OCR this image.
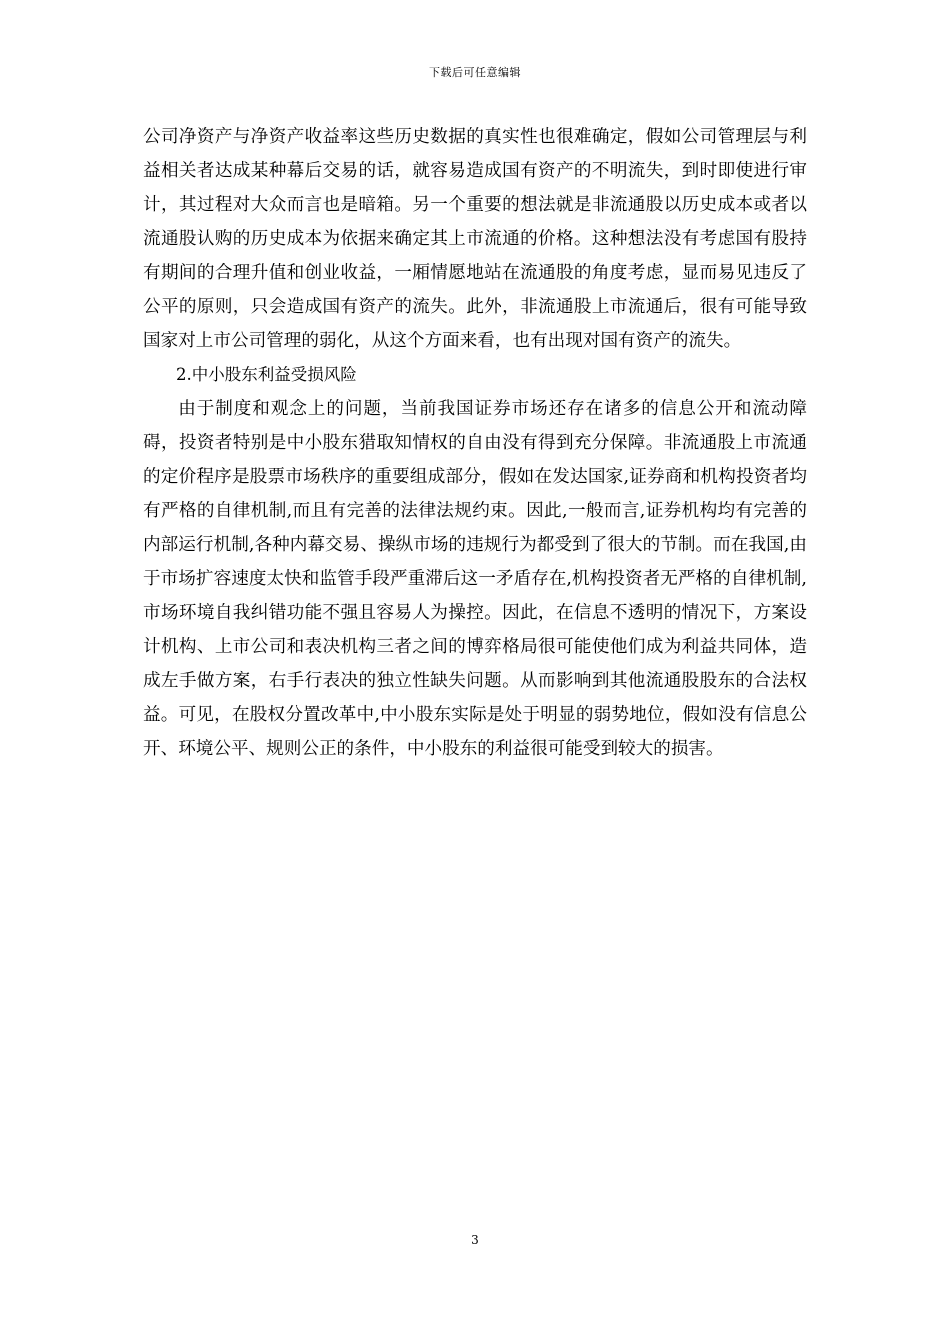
下载后可任意编辑

公司净资产与净资产收益率这些历史数据的真实性也很难确定，假如公司管理层与利益相关者达成某种幕后交易的话，就容易造成国有资产的不明流失，到时即使进行审计，其过程对大众而言也是暗箱。另一个重要的想法就是非流通股以历史成本或者以流通股认购的历史成本为依据来确定其上市流通的价格。这种想法没有考虑国有股持有期间的合理升值和创业收益，一厢情愿地站在流通股的角度考虑，显而易见违反了公平的原则，只会造成国有资产的流失。此外，非流通股上市流通后，很有可能导致国家对上市公司管理的弱化，从这个方面来看，也有出现对国有资产的流失。

2.中小股东利益受损风险

由于制度和观念上的问题，当前我国证券市场还存在诸多的信息公开和流动障碍，投资者特别是中小股东猎取知情权的自由没有得到充分保障。非流通股上市流通的定价程序是股票市场秩序的重要组成部分，假如在发达国家,证券商和机构投资者均有严格的自律机制,而且有完善的法律法规约束。因此,一般而言,证券机构均有完善的内部运行机制,各种内幕交易、操纵市场的违规行为都受到了很大的节制。而在我国,由于市场扩容速度太快和监管手段严重滞后这一矛盾存在,机构投资者无严格的自律机制,市场环境自我纠错功能不强且容易人为操控。因此，在信息不透明的情况下，方案设计机构、上市公司和表决机构三者之间的博弈格局很可能使他们成为利益共同体，造成左手做方案，右手行表决的独立性缺失问题。从而影响到其他流通股股东的合法权益。可见，在股权分置改革中,中小股东实际是处于明显的弱势地位，假如没有信息公开、环境公平、规则公正的条件，中小股东的利益很可能受到较大的损害。

3
